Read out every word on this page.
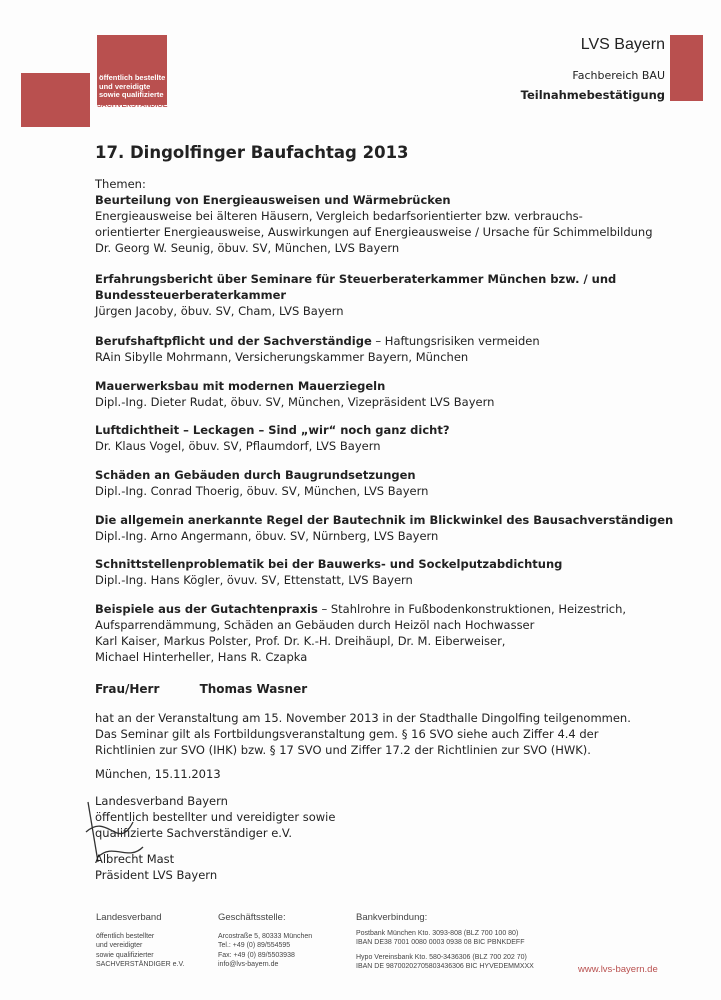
öffentlich bestellte
und vereidigte
sowie qualifizierte
SACHVERSTÄNDIGE
LVS Bayern
Fachbereich BAU
Teilnahmebestätigung
17. Dingolfinger Baufachtag 2013
Themen:
Beurteilung von Energieausweisen und Wärmebrücken
Energieausweise bei älteren Häusern, Vergleich bedarfsorientierter bzw. verbrauchs-
orientierter Energieausweise, Auswirkungen auf Energieausweise / Ursache für Schimmelbildung
Dr. Georg W. Seunig, öbuv. SV, München, LVS Bayern
Erfahrungsbericht über Seminare für Steuerberaterkammer München bzw. / und
Bundessteuerberaterkammer
Jürgen Jacoby, öbuv. SV, Cham, LVS Bayern
Berufshaftpflicht und der Sachverständige – Haftungsrisiken vermeiden
RAin Sibylle Mohrmann, Versicherungskammer Bayern, München
Mauerwerksbau mit modernen Mauerziegeln
Dipl.-Ing. Dieter Rudat, öbuv. SV, München, Vizepräsident LVS Bayern
Luftdichtheit – Leckagen – Sind „wir“ noch ganz dicht?
Dr. Klaus Vogel, öbuv. SV, Pflaumdorf, LVS Bayern
Schäden an Gebäuden durch Baugrundsetzungen
Dipl.-Ing. Conrad Thoerig, öbuv. SV, München, LVS Bayern
Die allgemein anerkannte Regel der Bautechnik im Blickwinkel des Bausachverständigen
Dipl.-Ing. Arno Angermann, öbuv. SV, Nürnberg, LVS Bayern
Schnittstellenproblematik bei der Bauwerks- und Sockelputzabdichtung
Dipl.-Ing. Hans Kögler, övuv. SV, Ettenstatt, LVS Bayern
Beispiele aus der Gutachtenpraxis – Stahlrohre in Fußbodenkonstruktionen, Heizestrich,
Aufsparrendämmung, Schäden an Gebäuden durch Heizöl nach Hochwasser
Karl Kaiser, Markus Polster, Prof. Dr. K.-H. Dreihäupl, Dr. M. Eiberweiser,
Michael Hinterheller, Hans R. Czapka
Frau/Herr	Thomas Wasner
hat an der Veranstaltung am 15. November 2013 in der Stadthalle Dingolfing teilgenommen.
Das Seminar gilt als Fortbildungsveranstaltung gem. § 16 SVO siehe auch Ziffer 4.4 der
Richtlinien zur SVO (IHK) bzw. § 17 SVO und Ziffer 17.2 der Richtlinien zur SVO (HWK).
München, 15.11.2013
Landesverband Bayern
öffentlich bestellter und vereidigter sowie
qualifizierte Sachverständiger e.V.
Albrecht Mast
Präsident LVS Bayern
Landesverband
öffentlich bestellter
und vereidigter
sowie qualifizierter
SACHVERSTÄNDIGER e.V.
Geschäftsstelle:
Arcostraße 5, 80333 München
Tel.: +49 (0) 89/554595
Fax: +49 (0) 89/5503938
info@lvs-bayern.de
Bankverbindung:
Postbank München Kto. 3093-808 (BLZ 700 100 80)
IBAN DE38 7001 0080 0003 0938 08 BIC PBNKDEFF
Hypo Vereinsbank Kto. 580-3436306 (BLZ 700 202 70)
IBAN DE 98700202705803436306 BIC HYVEDEMMXXX	www.lvs-bayern.de
